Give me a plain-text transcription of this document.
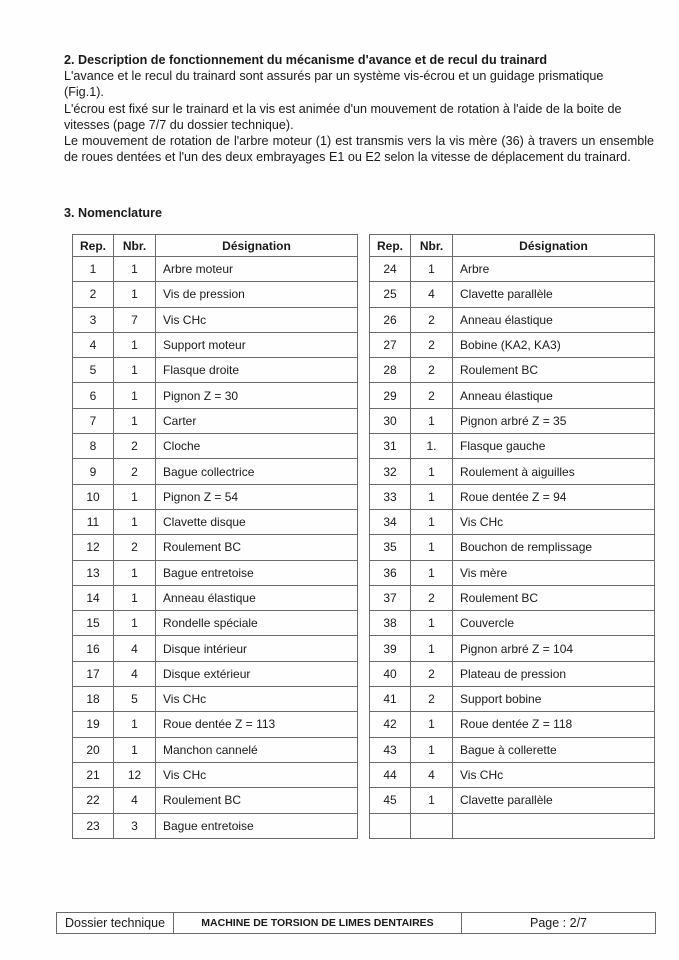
2. Description de fonctionnement du mécanisme d'avance et de recul du trainard

L'avance et le recul du trainard sont assurés par un système vis-écrou et un guidage prismatique

(Fig.1).

L'écrou est fixé sur le trainard et la vis est animée d'un mouvement de rotation à l'aide de la boite de vitesses (page 7/7 du dossier technique).

Le mouvement de rotation de l'arbre moteur (1) est transmis vers la vis mère (36) à travers un ensemble de roues dentées et l'un des deux embrayages E1 ou E2 selon la vitesse de déplacement du trainard.

3. Nomenclature
Rep.	Nbr.	Désignation
1	1	Arbre moteur
2	1	Vis de pression
3	7	Vis CHc
4	1	Support moteur
5	1	Flasque droite
6	1	Pignon Z = 30
7	1	Carter
8	2	Cloche
9	2	Bague collectrice
10	1	Pignon Z = 54
11	1	Clavette disque
12	2	Roulement BC
13	1	Bague entretoise
14	1	Anneau élastique
15	1	Rondelle spéciale
16	4	Disque intérieur
17	4	Disque extérieur
18	5	Vis CHc
19	1	Roue dentée Z = 113
20	1	Manchon cannelé
21	12	Vis CHc
22	4	Roulement BC
23	3	Bague entretoise
Rep.	Nbr.	Désignation
24	1	Arbre
25	4	Clavette parallèle
26	2	Anneau élastique
27	2	Bobine (KA2, KA3)
28	2	Roulement BC
29	2	Anneau élastique
30	1	Pignon arbré Z = 35
31	1.	Flasque gauche
32	1	Roulement à aiguilles
33	1	Roue dentée Z = 94
34	1	Vis CHc
35	1	Bouchon de remplissage
36	1	Vis mère
37	2	Roulement BC
38	1	Couvercle
39	1	Pignon arbré Z = 104
40	2	Plateau de pression
41	2	Support bobine
42	1	Roue dentée Z = 118
43	1	Bague à collerette
44	4	Vis CHc
45	1	Clavette parallèle

Dossier technique	MACHINE DE TORSION DE LIMES DENTAIRES	Page : 2/7
